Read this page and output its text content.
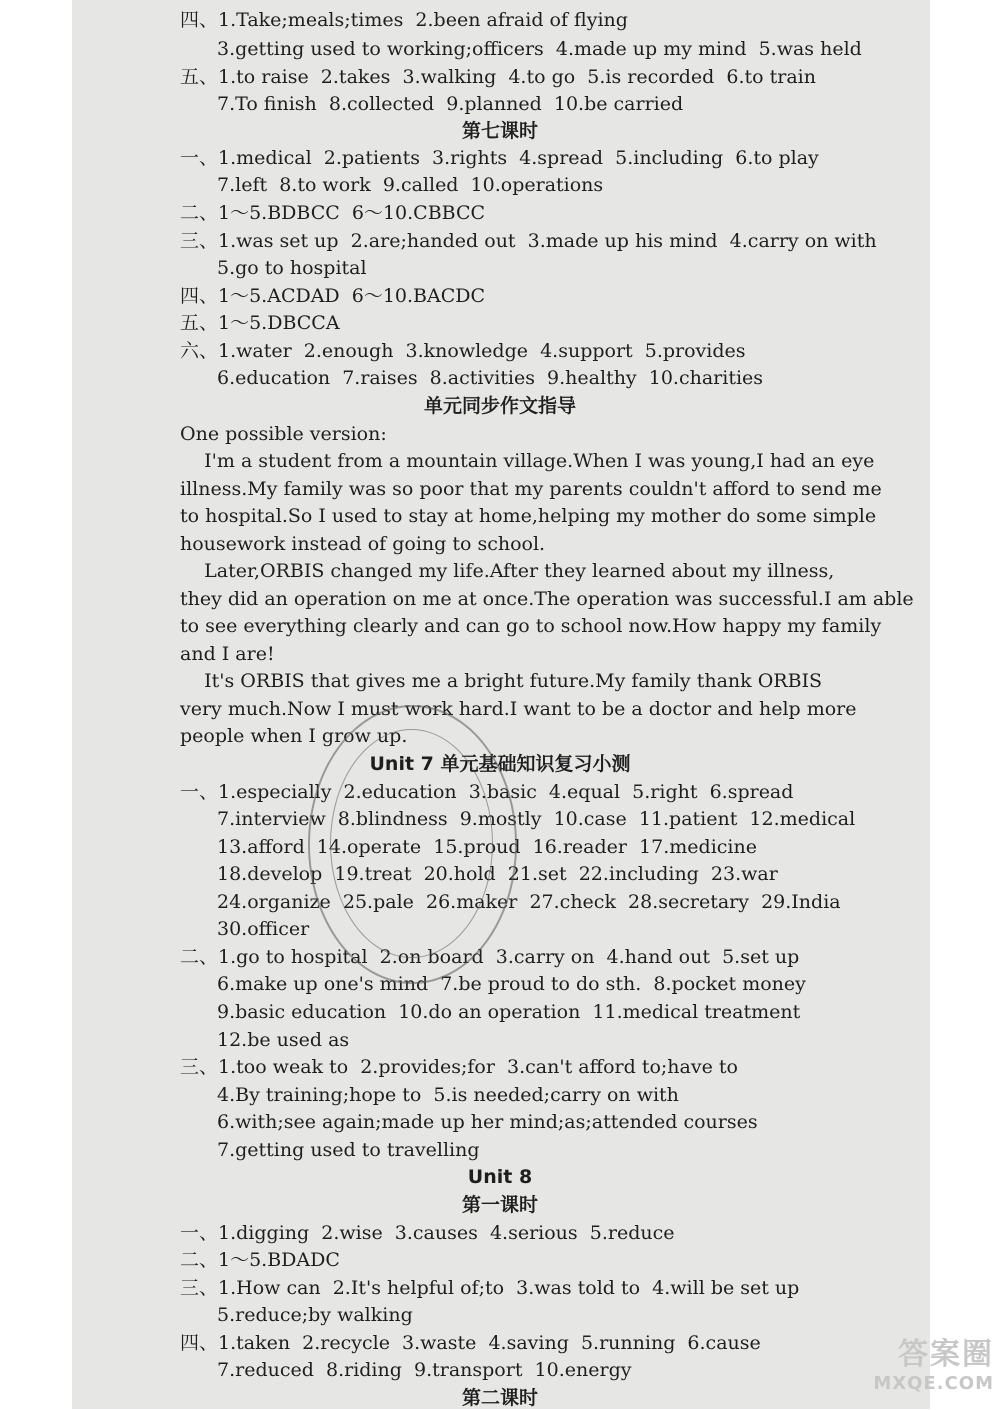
四、1.Take;meals;times  2.been afraid of flying
3.getting used to working;officers  4.made up my mind  5.was held
五、1.to raise  2.takes  3.walking  4.to go  5.is recorded  6.to train
7.To finish  8.collected  9.planned  10.be carried
一、1.medical  2.patients  3.rights  4.spread  5.including  6.to play
7.left  8.to work  9.called  10.operations
二、1～5.BDBCC  6～10.CBBCC
三、1.was set up  2.are;handed out  3.made up his mind  4.carry on with
5.go to hospital
四、1～5.ACDAD  6～10.BACDC
五、1～5.DBCCA
六、1.water  2.enough  3.knowledge  4.support  5.provides
6.education  7.raises  8.activities  9.healthy  10.charities
One possible version:
I'm a student from a mountain village.When I was young,I had an eye
illness.My family was so poor that my parents couldn't afford to send me
to hospital.So I used to stay at home,helping my mother do some simple
housework instead of going to school.
Later,ORBIS changed my life.After they learned about my illness,
they did an operation on me at once.The operation was successful.I am able
to see everything clearly and can go to school now.How happy my family
and I are!
It's ORBIS that gives me a bright future.My family thank ORBIS
very much.Now I must work hard.I want to be a doctor and help more
people when I grow up.
一、1.especially  2.education  3.basic  4.equal  5.right  6.spread
7.interview  8.blindness  9.mostly  10.case  11.patient  12.medical
13.afford  14.operate  15.proud  16.reader  17.medicine
18.develop  19.treat  20.hold  21.set  22.including  23.war
24.organize  25.pale  26.maker  27.check  28.secretary  29.India
30.officer
二、1.go to hospital  2.on board  3.carry on  4.hand out  5.set up
6.make up one's mind  7.be proud to do sth.  8.pocket money
9.basic education  10.do an operation  11.medical treatment
12.be used as
三、1.too weak to  2.provides;for  3.can't afford to;have to
4.By training;hope to  5.is needed;carry on with
6.with;see again;made up her mind;as;attended courses
7.getting used to travelling
一、1.digging  2.wise  3.causes  4.serious  5.reduce
二、1～5.BDADC
三、1.How can  2.It's helpful of;to  3.was told to  4.will be set up
5.reduce;by walking
四、1.taken  2.recycle  3.waste  4.saving  5.running  6.cause
7.reduced  8.riding  9.transport  10.energy
第七课时
单元同步作文指导
Unit 7 单元基础知识复习小测
Unit 8
第一课时
第二课时
答案圈
MXQE.COM
